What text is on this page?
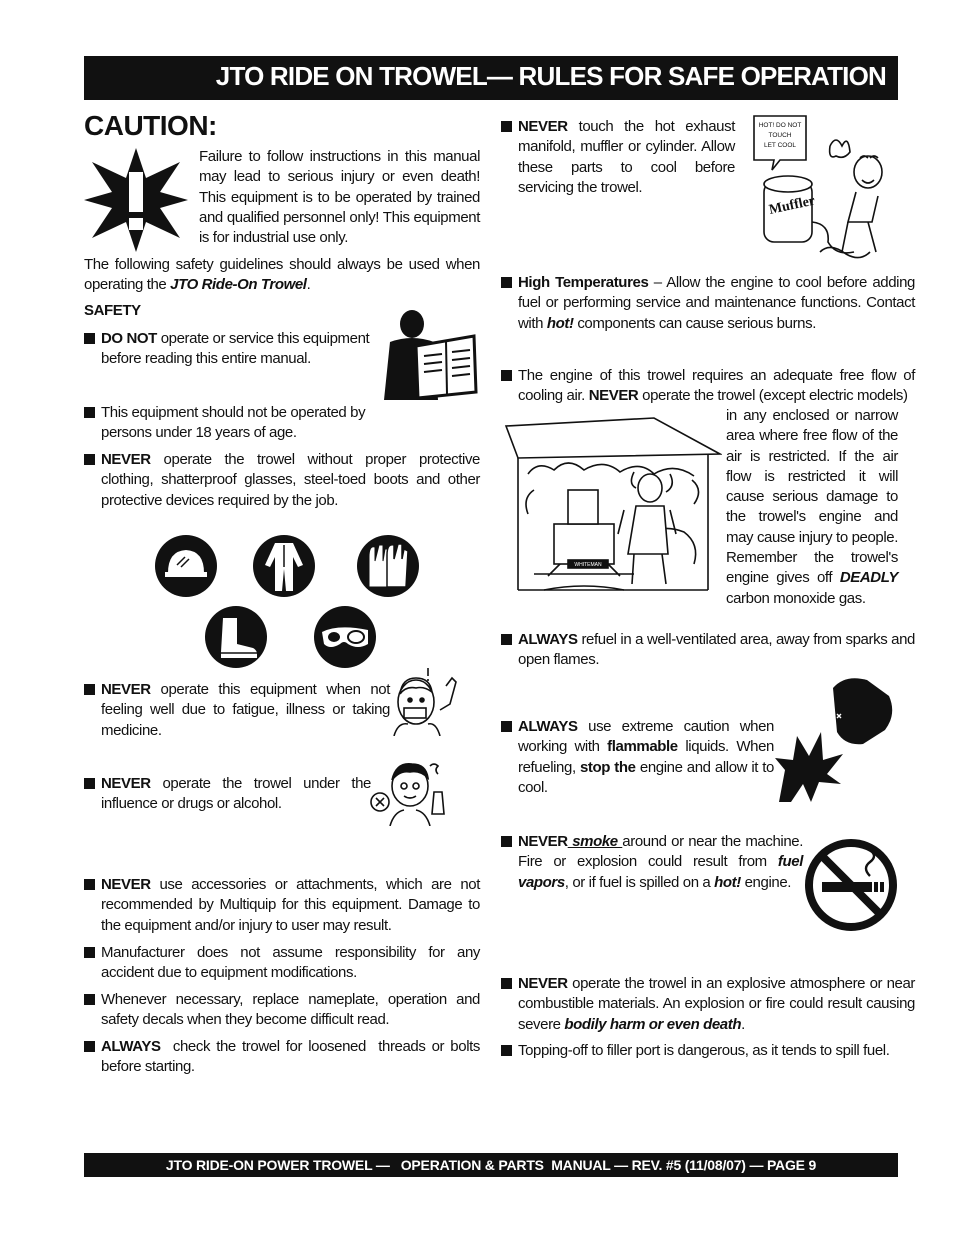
JTO RIDE ON TROWEL— RULES FOR SAFE OPERATION
CAUTION:
Failure to follow instructions in this manual may lead to serious injury or even death! This equipment is to be operated by trained and qualified personnel only! This equipment is for industrial use only.
The following safety guidelines should always be used when operating the JTO Ride-On Trowel.
SAFETY
DO NOT operate or service this equipment before reading this entire manual.
This equipment should not be operated by persons under 18 years of age.
NEVER operate the trowel without proper protective clothing, shatterproof glasses, steel-toed boots and other protective devices required by the job.
NEVER operate this equipment when not feeling well due to fatigue, illness or taking medicine.
NEVER operate the trowel under the influence or drugs or alcohol.
NEVER use accessories or attachments, which are not recommended by Multiquip for this equipment. Damage to the equipment and/or injury to user may result.
Manufacturer does not assume responsibility for any accident due to equipment modifications.
Whenever necessary, replace nameplate, operation and safety decals when they become difficult read.
ALWAYS  check the trowel for loosened  threads or bolts before starting.
NEVER touch the hot exhaust manifold, muffler or cylinder. Allow these parts to cool before servicing the trowel.
HOT! DO NOT
TOUCH
LET COOL
Muffler
High Temperatures – Allow the engine to cool before adding fuel or performing service and maintenance functions. Contact with hot! components can cause serious burns.
The engine of this trowel requires an adequate free flow of cooling air. NEVER operate the trowel (except electric models)
in any enclosed or narrow area where free flow of the air is restricted. If the air flow is restricted it will cause serious damage to the trowel's engine and may cause injury to people. Remember the trowel's engine gives off DEADLY carbon monoxide gas.
WHITEMAN
ALWAYS refuel in a well-ventilated area, away from sparks and open flames.
ALWAYS use extreme caution when working with flammable liquids. When refueling, stop the engine and allow it to cool.
NEVER smoke around or near the machine. Fire or explosion could result from fuel vapors, or if fuel is spilled on a hot! engine.
NEVER operate the trowel in an explosive atmosphere or near combustible materials. An explosion or fire could result causing severe bodily harm or even death.
Topping-off to filler port is dangerous, as it tends to spill fuel.
JTO RIDE-ON POWER TROWEL —   OPERATION & PARTS  MANUAL — REV. #5 (11/08/07) — PAGE 9
